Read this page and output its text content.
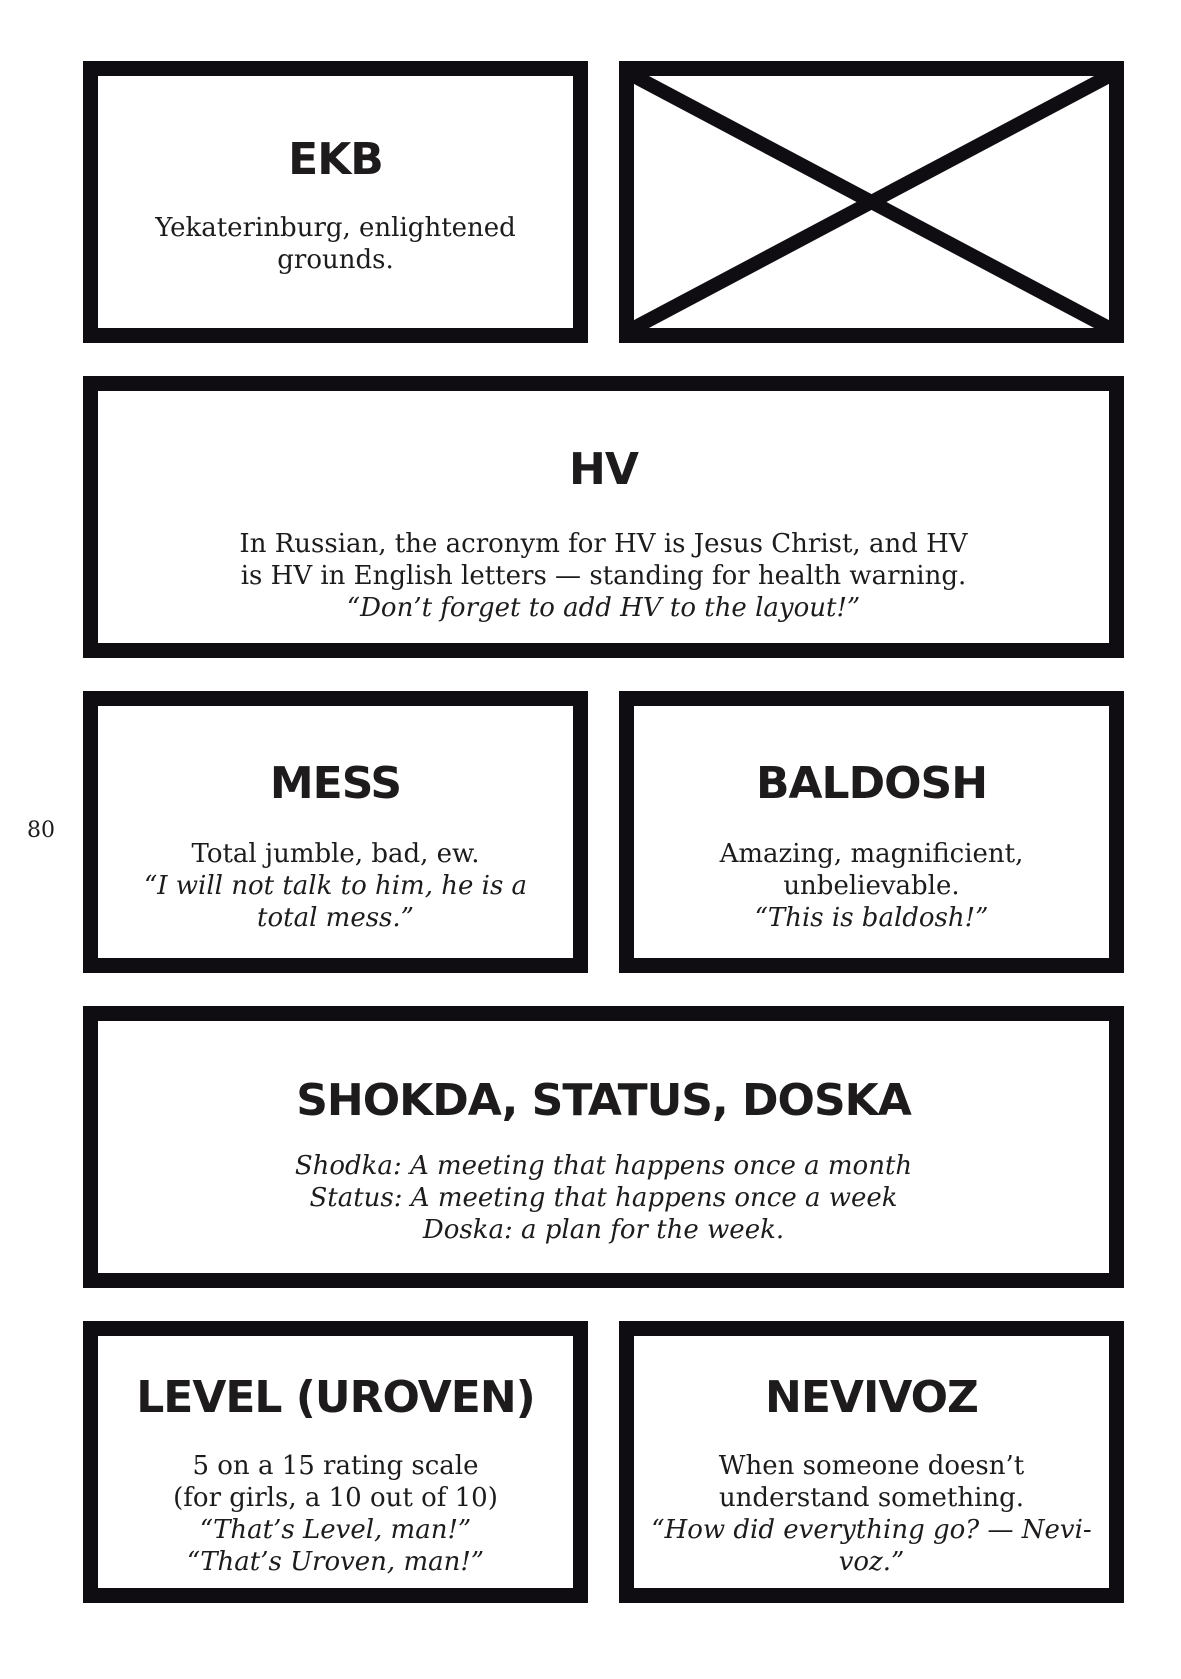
EKB

Yekaterinburg, enlightened
grounds.

HV

In Russian, the acronym for HV is Jesus Christ, and HV
is HV in English letters — standing for health warning.
“Don’t forget to add HV to the layout!”

MESS

Total jumble, bad, ew.
“I will not talk to him, he is a
total mess.”

BALDOSH

Amazing, magnificient,
unbelievable.
“This is baldosh!”

SHOKDA, STATUS, DOSKA

Shodka: A meeting that happens once a month
Status: A meeting that happens once a week
Doska: a plan for the week.

LEVEL (UROVEN)

5 on a 15 rating scale
(for girls, a 10 out of 10)
“That’s Level, man!”
“That’s Uroven, man!”

NEVIVOZ

When someone doesn’t
understand something.
“How did everything go? — Nevi-
voz.”

80
